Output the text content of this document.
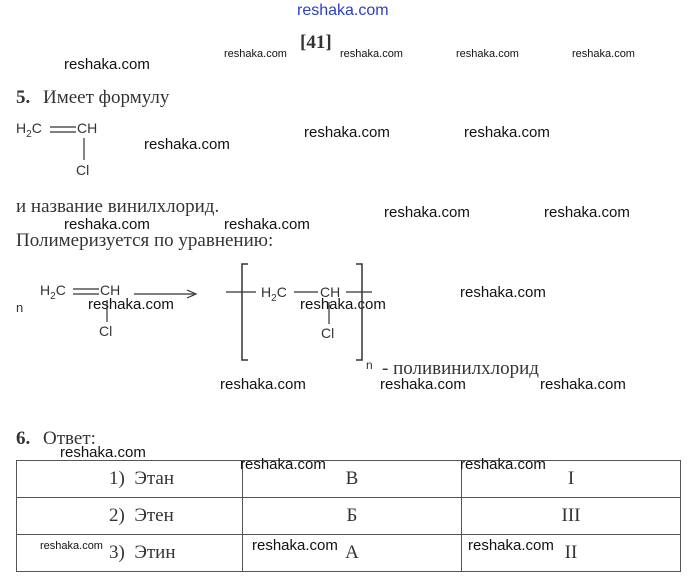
reshaka.com
[41]
reshaka.com
reshaka.com	reshaka.com	reshaka.com	reshaka.com
reshaka.com	reshaka.com
reshaka.com
reshaka.com	reshaka.com
reshaka.com	reshaka.com
reshaka.com
reshaka.com	reshaka.com
reshaka.com	reshaka.com	reshaka.com
reshaka.com
5. Имеет формулу
$H_2C$	CH
Cl
и название винилхлорид.
Полимеризуется по уравнению:
n
$H_2C$ CH
Cl
$H_2C$ CH
Cl
n - поливинилхлорид
6. Ответ:
1) Этан	В	I
2) Этен	Б	III
3) Этин	А	II
reshaka.com	reshaka.com
reshaka.com	reshaka.com	reshaka.com
